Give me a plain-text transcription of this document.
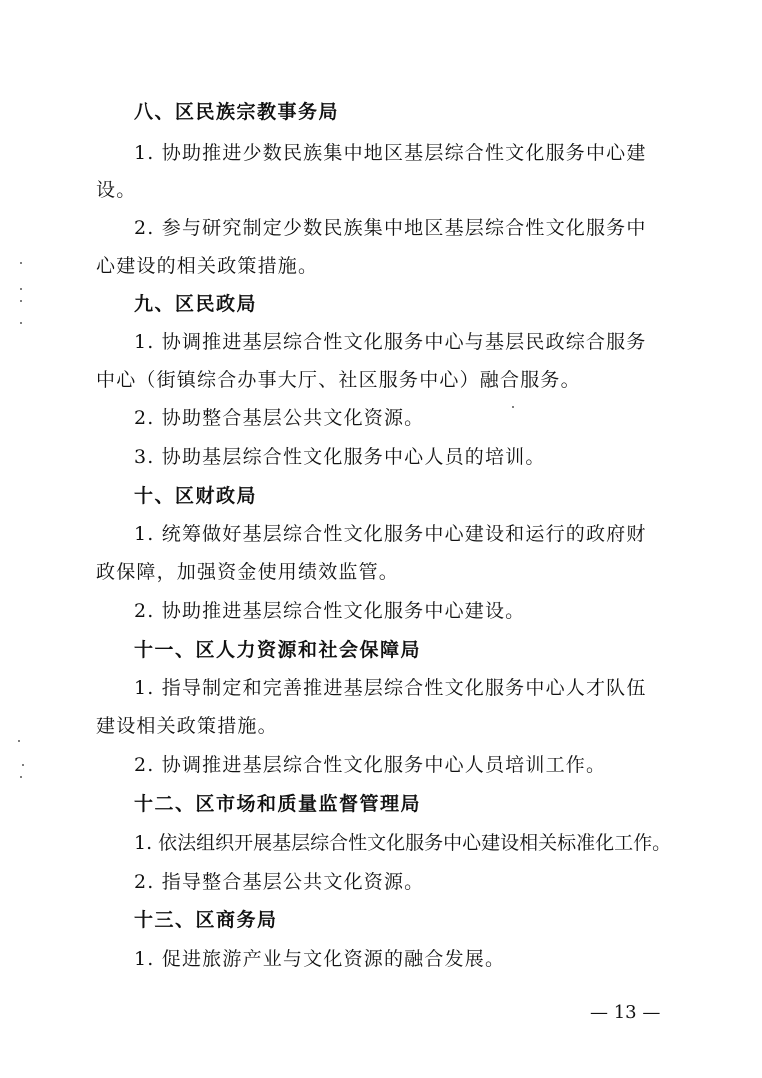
八、区民族宗教事务局
1. 协助推进少数民族集中地区基层综合性文化服务中心建
设。
2. 参与研究制定少数民族集中地区基层综合性文化服务中
心建设的相关政策措施。
九、区民政局
1. 协调推进基层综合性文化服务中心与基层民政综合服务
中心（街镇综合办事大厅、社区服务中心）融合服务。
2. 协助整合基层公共文化资源。
3. 协助基层综合性文化服务中心人员的培训。
十、区财政局
1. 统筹做好基层综合性文化服务中心建设和运行的政府财
政保障，加强资金使用绩效监管。
2. 协助推进基层综合性文化服务中心建设。
十一、区人力资源和社会保障局
1. 指导制定和完善推进基层综合性文化服务中心人才队伍
建设相关政策措施。
2. 协调推进基层综合性文化服务中心人员培训工作。
十二、区市场和质量监督管理局
1. 依法组织开展基层综合性文化服务中心建设相关标准化工作。
2. 指导整合基层公共文化资源。
十三、区商务局
1. 促进旅游产业与文化资源的融合发展。
— 13 —
